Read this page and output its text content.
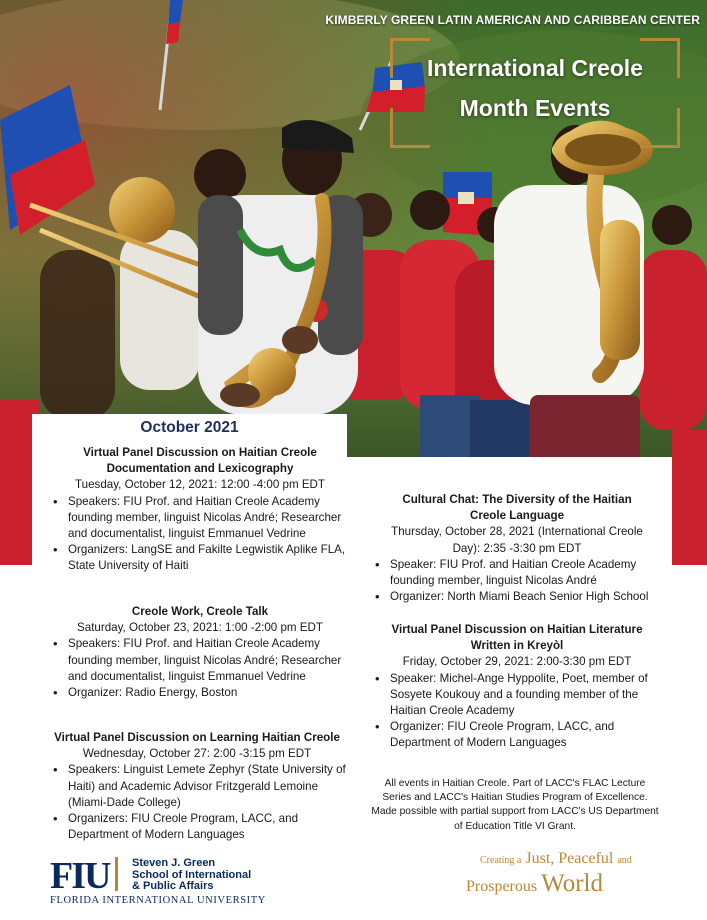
KIMBERLY GREEN LATIN AMERICAN AND CARIBBEAN CENTER
International Creole
Month Events
October 2021
Virtual Panel Discussion on Haitian Creole
Documentation and Lexicography
Tuesday, October 12, 2021: 12:00 -4:00 pm EDT
• Speakers: FIU Prof. and Haitian Creole Academy founding member, linguist Nicolas André; Researcher and documentalist, linguist Emmanuel Vedrine
• Organizers: LangSE and Fakilte Legwistik Aplike FLA, State University of Haiti
Creole Work, Creole Talk
Saturday, October 23, 2021: 1:00 -2:00 pm EDT
• Speakers: FIU Prof. and Haitian Creole Academy founding member, linguist Nicolas André; Researcher and documentalist, linguist Emmanuel Vedrine
• Organizer: Radio Energy, Boston
Virtual Panel Discussion on Learning Haitian Creole
Wednesday, October 27: 2:00 -3:15 pm EDT
• Speakers: Linguist Lemete Zephyr (State University of Haiti) and Academic Advisor Fritzgerald Lemoine (Miami-Dade College)
• Organizers: FIU Creole Program, LACC, and Department of Modern Languages
Cultural Chat: The Diversity of the Haitian
Creole Language
Thursday, October 28, 2021 (International Creole
Day): 2:35 -3:30 pm EDT
• Speaker: FIU Prof. and Haitian Creole Academy founding member, linguist Nicolas André
• Organizer: North Miami Beach Senior High School
Virtual Panel Discussion on Haitian Literature
Written in Kreyòl
Friday, October 29, 2021: 2:00-3:30 pm EDT
• Speaker: Michel-Ange Hyppolite, Poet, member of Sosyete Koukouy and a founding member of the Haitian Creole Academy
• Organizer: FIU Creole Program, LACC, and Department of Modern Languages
All events in Haitian Creole. Part of LACC's FLAC Lecture Series and LACC's Haitian Studies Program of Excellence. Made possible with partial support from LACC's US Department of Education Title VI Grant.
FIU	Steven J. Green
School of International
& Public Affairs
FLORIDA INTERNATIONAL UNIVERSITY
Creating a Just, Peaceful and
Prosperous World
